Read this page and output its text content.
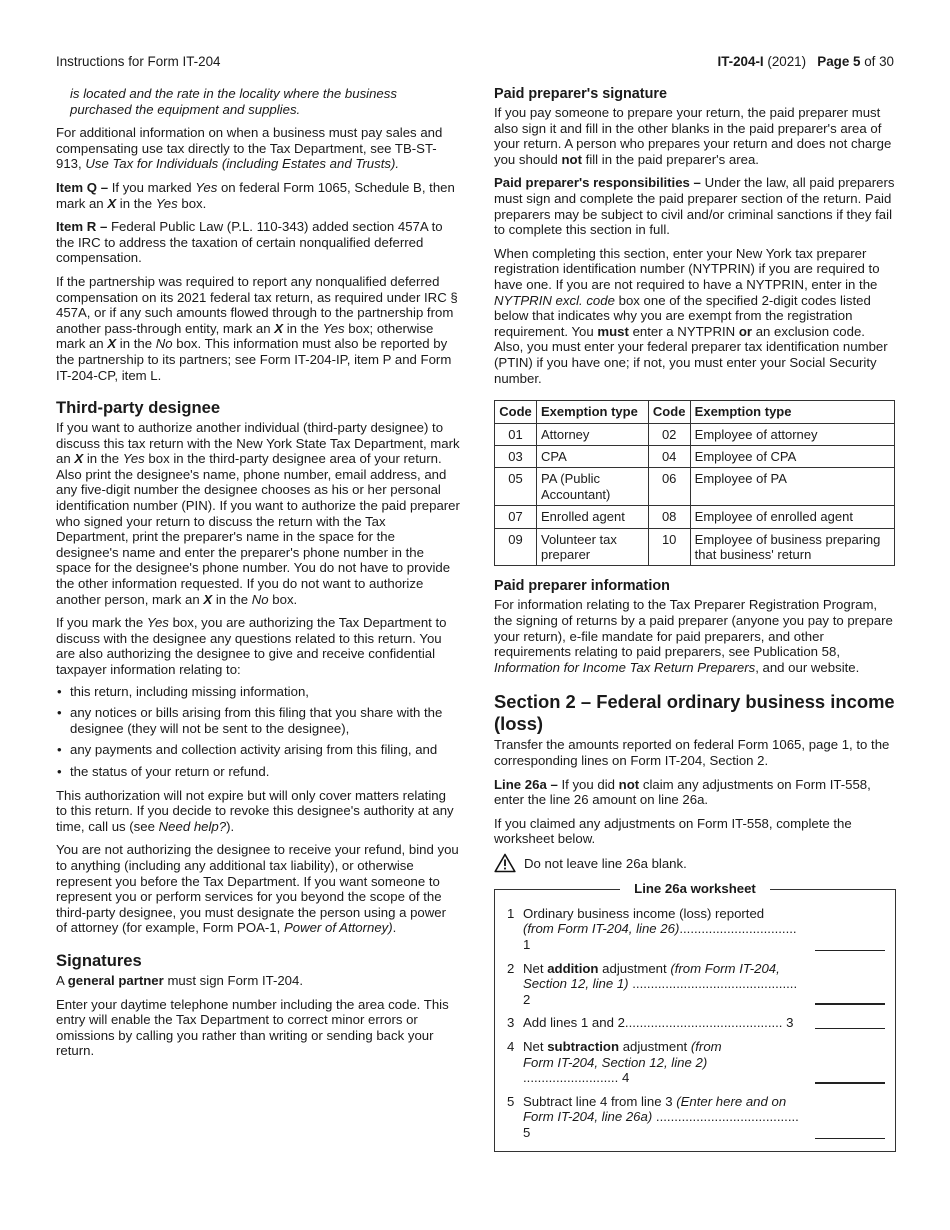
Instructions for Form IT-204	IT-204-I (2021) Page 5 of 30

is located and the rate in the locality where the business purchased the equipment and supplies.

For additional information on when a business must pay sales and compensating use tax directly to the Tax Department, see TB-ST-913, Use Tax for Individuals (including Estates and Trusts).

Item Q – If you marked Yes on federal Form 1065, Schedule B, then mark an X in the Yes box.

Item R – Federal Public Law (P.L. 110-343) added section 457A to the IRC to address the taxation of certain nonqualified deferred compensation.

If the partnership was required to report any nonqualified deferred compensation on its 2021 federal tax return, as required under IRC § 457A, or if any such amounts flowed through to the partnership from another pass-through entity, mark an X in the Yes box; otherwise mark an X in the No box. This information must also be reported by the partnership to its partners; see Form IT-204-IP, item P and Form IT-204-CP, item L.

Third-party designee

If you want to authorize another individual (third-party designee) to discuss this tax return with the New York State Tax Department, mark an X in the Yes box in the third-party designee area of your return. Also print the designee's name, phone number, email address, and any five-digit number the designee chooses as his or her personal identification number (PIN). If you want to authorize the paid preparer who signed your return to discuss the return with the Tax Department, print the preparer's name in the space for the designee's name and enter the preparer's phone number in the space for the designee's phone number. You do not have to provide the other information requested. If you do not want to authorize another person, mark an X in the No box.

If you mark the Yes box, you are authorizing the Tax Department to discuss with the designee any questions related to this return. You are also authorizing the designee to give and receive confidential taxpayer information relating to:

• this return, including missing information,
• any notices or bills arising from this filing that you share with the designee (they will not be sent to the designee),
• any payments and collection activity arising from this filing, and
• the status of your return or refund.

This authorization will not expire but will only cover matters relating to this return. If you decide to revoke this designee's authority at any time, call us (see Need help?).

You are not authorizing the designee to receive your refund, bind you to anything (including any additional tax liability), or otherwise represent you before the Tax Department. If you want someone to represent you or perform services for you beyond the scope of the third-party designee, you must designate the person using a power of attorney (for example, Form POA-1, Power of Attorney).

Signatures

A general partner must sign Form IT-204.

Enter your daytime telephone number including the area code. This entry will enable the Tax Department to correct minor errors or omissions by calling you rather than writing or sending back your return.

Paid preparer's signature

If you pay someone to prepare your return, the paid preparer must also sign it and fill in the other blanks in the paid preparer's area of your return. A person who prepares your return and does not charge you should not fill in the paid preparer's area.

Paid preparer's responsibilities – Under the law, all paid preparers must sign and complete the paid preparer section of the return. Paid preparers may be subject to civil and/or criminal sanctions if they fail to complete this section in full.

When completing this section, enter your New York tax preparer registration identification number (NYTPRIN) if you are required to have one. If you are not required to have a NYTPRIN, enter in the NYTPRIN excl. code box one of the specified 2-digit codes listed below that indicates why you are exempt from the registration requirement. You must enter a NYTPRIN or an exclusion code. Also, you must enter your federal preparer tax identification number (PTIN) if you have one; if not, you must enter your Social Security number.

Code	Exemption type	Code	Exemption type
01	Attorney	02	Employee of attorney
03	CPA	04	Employee of CPA
05	PA (Public Accountant)	06	Employee of PA
07	Enrolled agent	08	Employee of enrolled agent
09	Volunteer tax preparer	10	Employee of business preparing that business' return
Paid preparer information

For information relating to the Tax Preparer Registration Program, the signing of returns by a paid preparer (anyone you pay to prepare your return), e-file mandate for paid preparers, and other requirements relating to paid preparers, see Publication 58, Information for Income Tax Return Preparers, and our website.

Section 2 – Federal ordinary business income (loss)

Transfer the amounts reported on federal Form 1065, page 1, to the corresponding lines on Form IT-204, Section 2.

Line 26a – If you did not claim any adjustments on Form IT-558, enter the line 26 amount on line 26a.

If you claimed any adjustments on Form IT-558, complete the worksheet below.

Do not leave line 26a blank.
Line 26a worksheet
1 Ordinary business income (loss) reported
(from Form IT-204, line 26)................................ 1
2 Net addition adjustment (from Form IT-204,
Section 12, line 1) ............................................. 2
3 Add lines 1 and 2........................................... 3
4 Net subtraction adjustment (from
Form IT-204, Section 12, line 2) .......................... 4
5 Subtract line 4 from line 3 (Enter here and on
Form IT-204, line 26a) ....................................... 5
